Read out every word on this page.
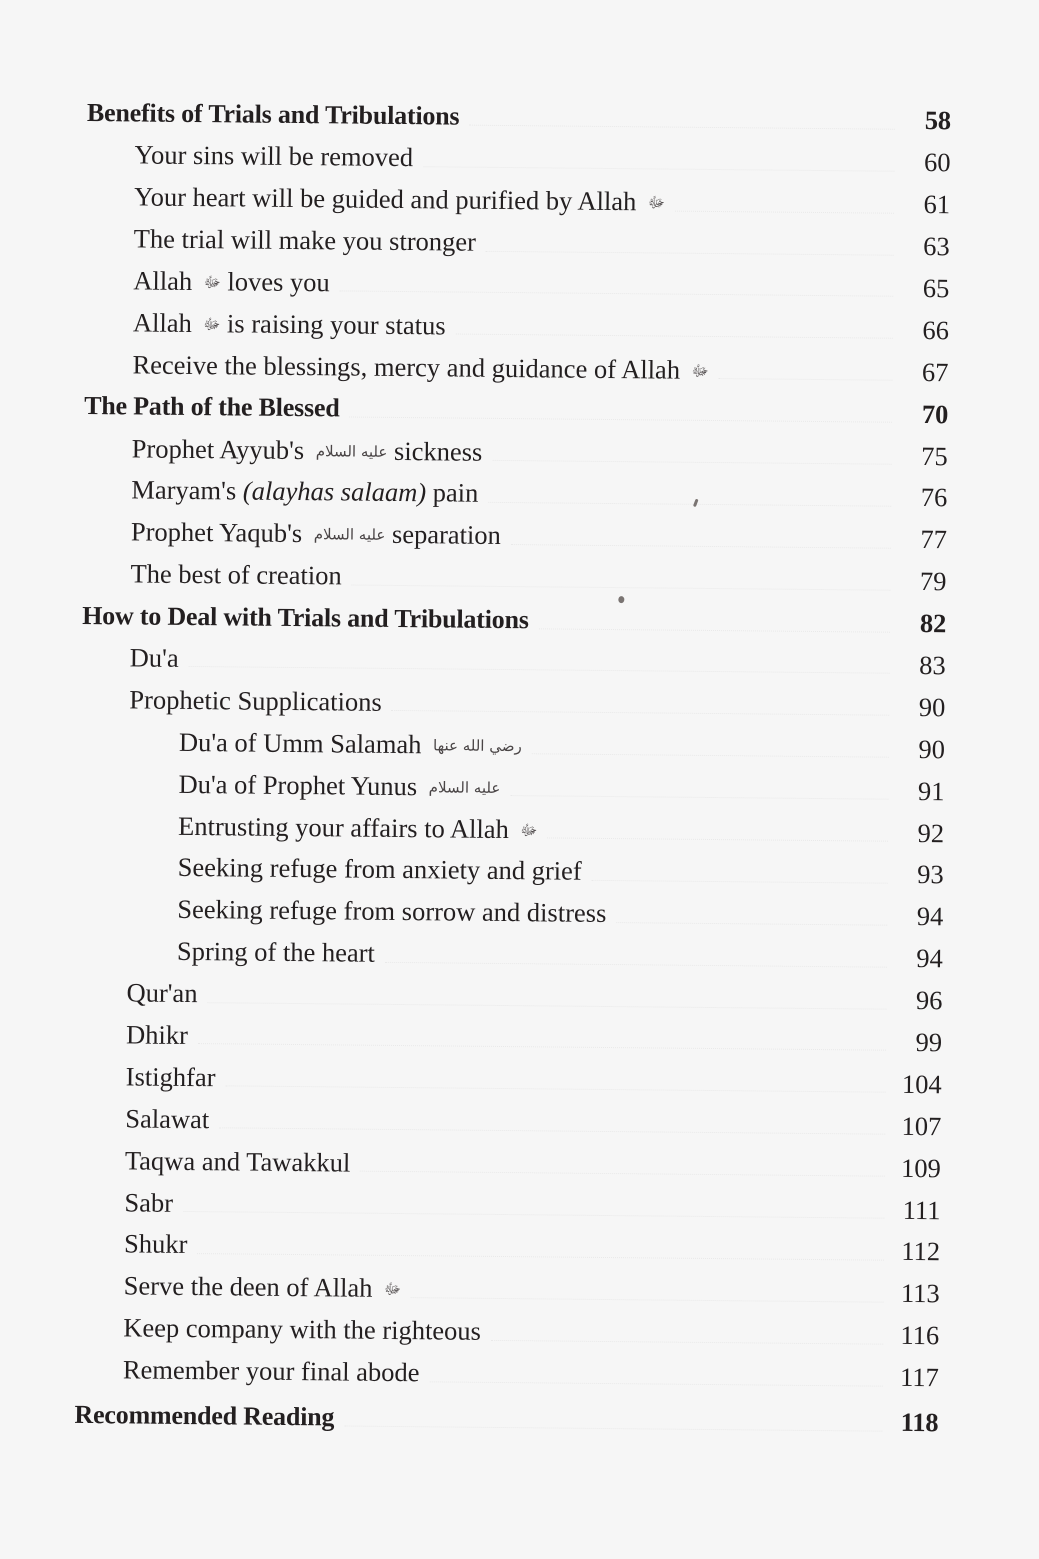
Benefits of Trials and Tribulations	58
Your sins will be removed	60
Your heart will be guided and purified by Allah ﷻ	61
The trial will make you stronger	63
Allah ﷻ loves you	65
Allah ﷻ is raising your status	66
Receive the blessings, mercy and guidance of Allah ﷻ	67
The Path of the Blessed	70
Prophet Ayyub's عليه السلام sickness	75
Maryam's (alayhas salaam) pain	76
Prophet Yaqub's عليه السلام separation	77
The best of creation	79
How to Deal with Trials and Tribulations	82
Du'a	83
Prophetic Supplications	90
Du'a of Umm Salamah رضي الله عنها	90
Du'a of Prophet Yunus عليه السلام	91
Entrusting your affairs to Allah ﷻ	92
Seeking refuge from anxiety and grief	93
Seeking refuge from sorrow and distress	94
Spring of the heart	94
Qur'an	96
Dhikr	99
Istighfar	104
Salawat	107
Taqwa and Tawakkul	109
Sabr	111
Shukr	112
Serve the deen of Allah ﷻ	113
Keep company with the righteous	116
Remember your final abode	117
Recommended Reading	118
